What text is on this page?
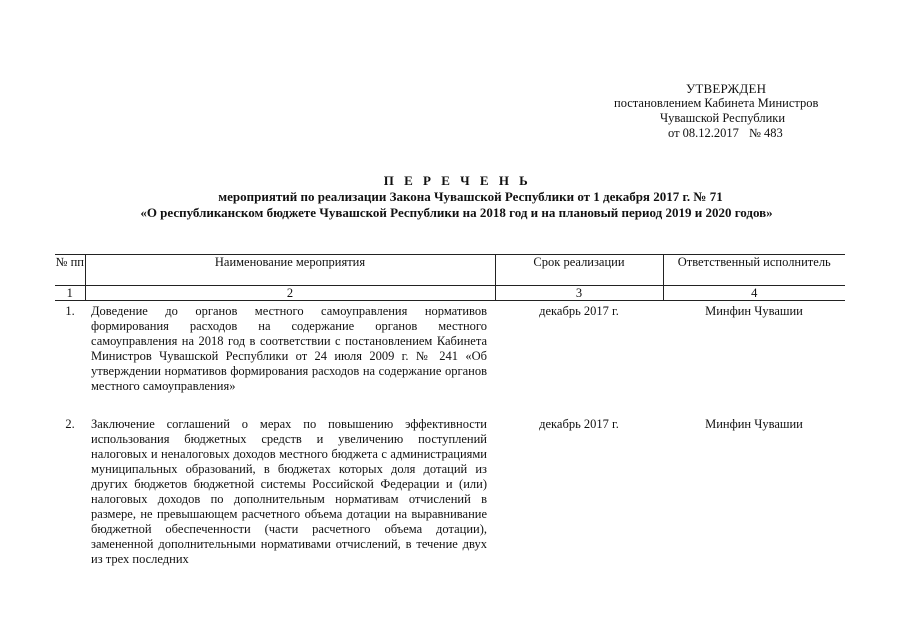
УТВЕРЖДЕН
постановлением Кабинета Министров
Чувашской Республики
от 08.12.2017 № 483
П Е Р Е Ч Е Н Ь
мероприятий по реализации Закона Чувашской Республики от 1 декабря 2017 г. № 71
«О республиканском бюджете Чувашской Республики на 2018 год и на плановый период 2019 и 2020 годов»
№ пп	Наименование мероприятия	Срок реализации	Ответственный исполнитель
1	2	3	4
1.	Доведение до органов местного самоуправления нормативов формирования расходов на содержание органов местного самоуправления на 2018 год в соответствии с постановлением Кабинета Министров Чувашской Республики от 24 июля 2009 г. № 241 «Об утверждении нормативов формирования расходов на содержание органов местного самоуправления»	декабрь 2017 г.	Минфин Чувашии
2.	Заключение соглашений о мерах по повышению эффективности использования бюджетных средств и увеличению поступлений налоговых и неналоговых доходов местного бюджета с администрациями муниципальных образований, в бюджетах которых доля дотаций из других бюджетов бюджетной системы Российской Федерации и (или) налоговых доходов по дополнительным нормативам отчислений в размере, не превышающем расчетного объема дотации на выравнивание бюджетной обеспеченности (части расчетного объема дотации), замененной дополнительными нормативами отчислений, в течение двух из трех последних	декабрь 2017 г.	Минфин Чувашии
